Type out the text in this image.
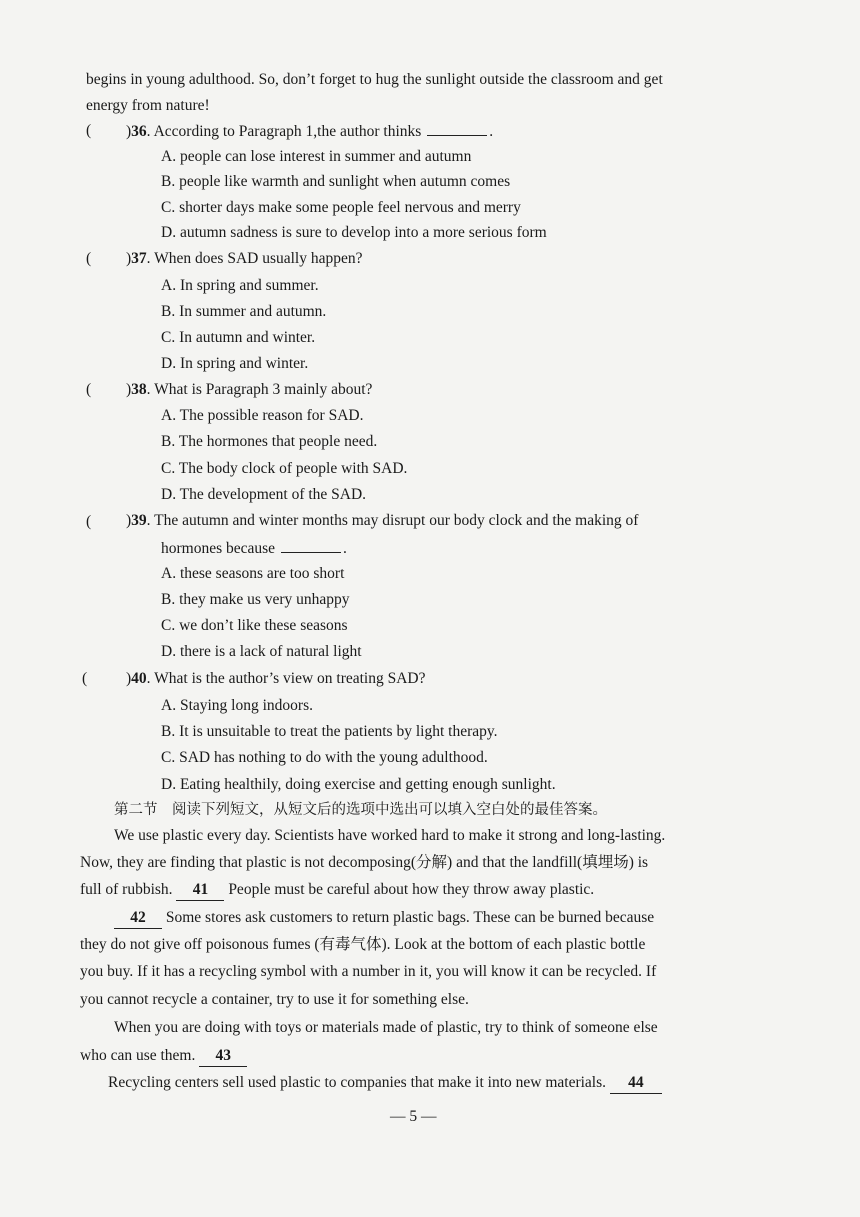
begins in young adulthood. So, don’t forget to hug the sunlight outside the classroom and get
energy from nature!
( )36. According to Paragraph 1,the author thinks	.
A. people can lose interest in summer and autumn
B. people like warmth and sunlight when autumn comes
C. shorter days make some people feel nervous and merry
D. autumn sadness is sure to develop into a more serious form
( )37. When does SAD usually happen?
A. In spring and summer.
B. In summer and autumn.
C. In autumn and winter.
D. In spring and winter.
( )38. What is Paragraph 3 mainly about?
A. The possible reason for SAD.
B. The hormones that people need.
C. The body clock of people with SAD.
D. The development of the SAD.
( )39. The autumn and winter months may disrupt our body clock and the making of
hormones because	.
A. these seasons are too short
B. they make us very unhappy
C. we don’t like these seasons
D. there is a lack of natural light
(	)40. What is the author’s view on treating SAD?
A. Staying long indoors.
B. It is unsuitable to treat the patients by light therapy.
C. SAD has nothing to do with the young adulthood.
D. Eating healthily, doing exercise and getting enough sunlight.
第二节　阅读下列短文，从短文后的选项中选出可以填入空白处的最佳答案。
We use plastic every day. Scientists have worked hard to make it strong and long-lasting.
Now, they are finding that plastic is not decomposing(分解) and that the landfill(填埋场) is
full of rubbish. 41 People must be careful about how they throw away plastic.
42 Some stores ask customers to return plastic bags. These can be burned because
they do not give off poisonous fumes (有毒气体). Look at the bottom of each plastic bottle
you buy. If it has a recycling symbol with a number in it, you will know it can be recycled. If
you cannot recycle a container, try to use it for something else.
When you are doing with toys or materials made of plastic, try to think of someone else
who can use them. 43
Recycling centers sell used plastic to companies that make it into new materials. 44
— 5 —
